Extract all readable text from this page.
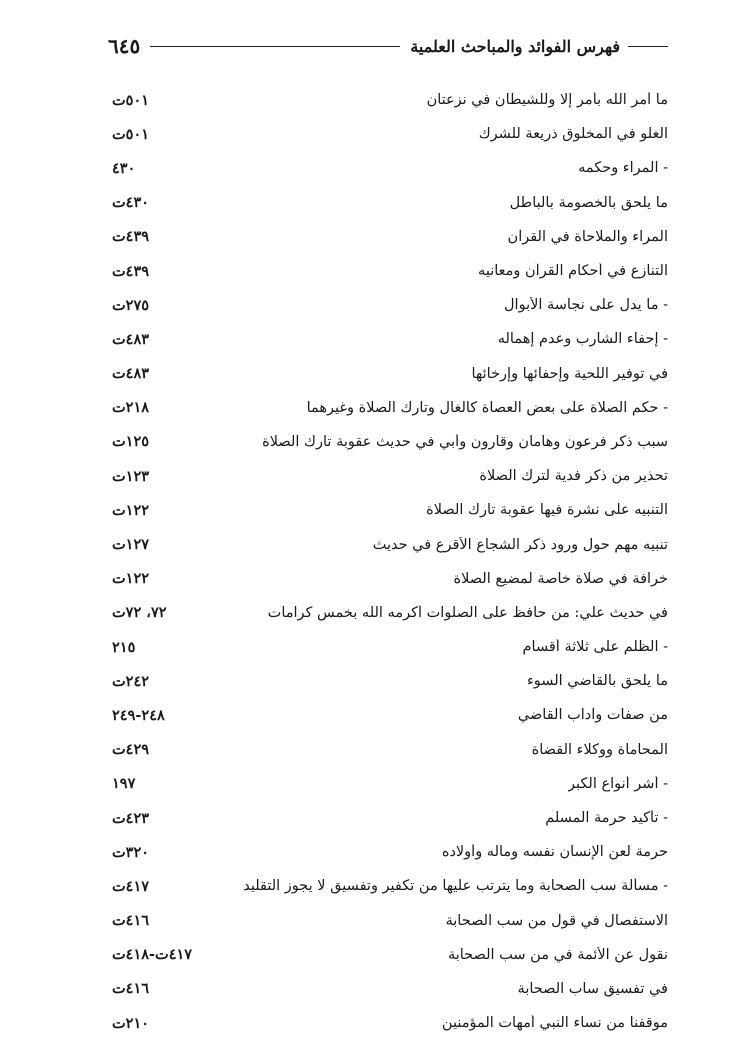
فهرس الفوائد والمباحث العلمية
٦٤٥
ما أمر الله بأمر إلا وللشيطان في نزعتان
٥٠١ت
الغلو في المخلوق ذريعة للشرك
٥٠١ت
- المراء وحكمه
٤٣٠
ما يلحق بالخصومة بالباطل
٤٣٠ت
المراء والملاحاة في القرآن
٤٣٩ت
التنازع في أحكام القرآن ومعانيه
٤٣٩ت
- ما يدل على نجاسة الأبوال
٢٧٥ت
- إحفاء الشارب وعدم إهماله
٤٨٣ت
في توفير اللحية وإحفائها وإرخائها
٤٨٣ت
- حكم الصلاة على بعض العصاة كالغال وتارك الصلاة وغيرهما
٢١٨ت
سبب ذكر فرعون وهامان وقارون وأُبي في حديث عقوبة تارك الصلاة
١٢٥ت
تحذير من ذكر فدية لترك الصلاة
١٢٣ت
التنبيه على نشرة فيها عقوبة تارك الصلاة
١٢٢ت
تنبيه مهم حول ورود ذكر الشجاع الأقرع في حديث
١٢٧ت
خرافة في صلاة خاصة لمضيع الصلاة
١٢٢ت
في حديث علي: من حافظ على الصلوات أكرمه الله بخمس كرامات
٧٢، ٧٢ت
- الظلم على ثلاثة أقسام
٢١٥
ما يلحق بالقاضي السوء
٢٤٢ت
من صفات وآداب القاضي
٢٤٨-٢٤٩
المحاماة ووكلاء القضاة
٤٢٩ت
- أشر أنواع الكبر
١٩٧
- تأكيد حرمة المسلم
٤٢٣ت
حرمة لعن الإنسان نفسه وماله وأولاده
٣٢٠ت
- مسألة سب الصحابة وما يترتب عليها من تكفير وتفسيق لا يجوز التقليد
٤١٧ت
الاستفصال في قول من سب الصحابة
٤١٦ت
نقول عن الأئمة في من سب الصحابة
٤١٧ت-٤١٨ت
في تفسيق ساب الصحابة
٤١٦ت
موقفنا من نساء النبي أمهات المؤمنين
٢١٠ت
